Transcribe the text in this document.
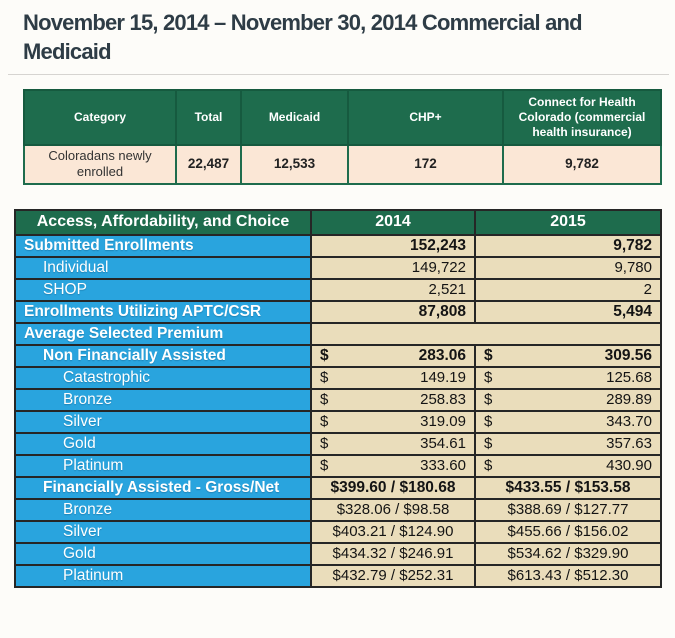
November 15, 2014 – November 30, 2014 Commercial and
Medicaid
Category	Total	Medicaid	CHP+	Connect for Health Colorado (commercial health insurance)
Coloradans newly enrolled	22,487	12,533	172	9,782
Access, Affordability, and Choice	2014	2015
Submitted Enrollments	152,243	9,782
Individual	149,722	9,780
SHOP	2,521	2
Enrollments Utilizing APTC/CSR	87,808	5,494
Average Selected Premium		
Non Financially Assisted	$ 283.06	$ 309.56

Catastrophic	$ 149.19	$ 125.68

Bronze	$ 258.83	$ 289.89

Silver	$ 319.09	$ 343.70

Gold	$ 354.61	$ 357.63

Platinum	$ 333.60	$ 430.90

Financially Assisted - Gross/Net	$399.60 / $180.68	$433.55 / $153.58
Bronze	$328.06 / $98.58	$388.69 / $127.77
Silver	$403.21 / $124.90	$455.66 / $156.02
Gold	$434.32 / $246.91	$534.62 / $329.90
Platinum	$432.79 / $252.31	$613.43 / $512.30
